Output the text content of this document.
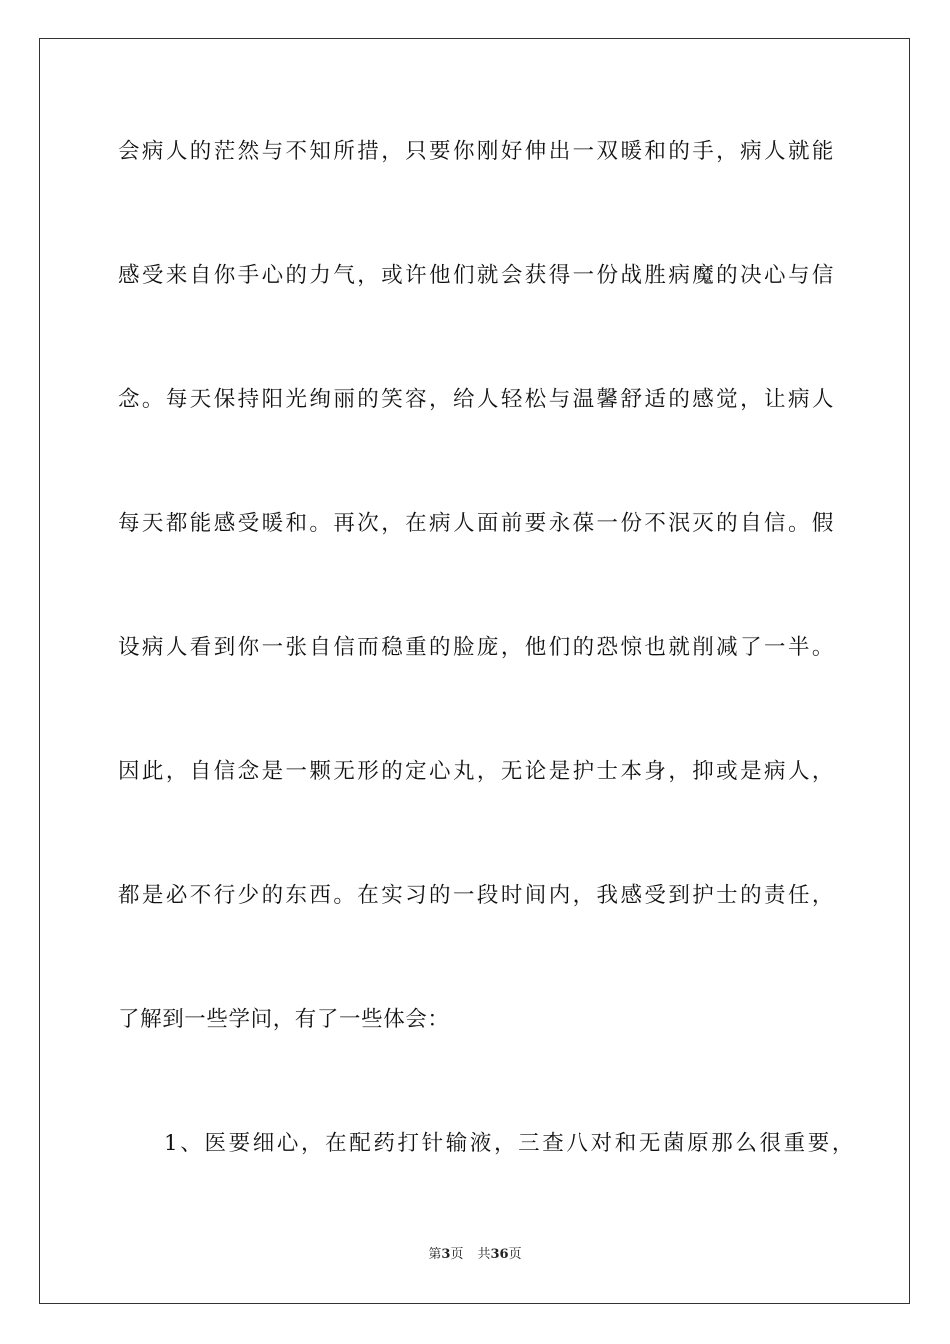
会病人的茫然与不知所措，只要你刚好伸出一双暖和的手，病人就能
感受来自你手心的力气，或许他们就会获得一份战胜病魔的决心与信
念。每天保持阳光绚丽的笑容，给人轻松与温馨舒适的感觉，让病人
每天都能感受暖和。再次，在病人面前要永葆一份不泯灭的自信。假
设病人看到你一张自信而稳重的脸庞，他们的恐惊也就削减了一半。
因此，自信念是一颗无形的定心丸，无论是护士本身，抑或是病人，
都是必不行少的东西。在实习的一段时间内，我感受到护士的责任，
了解到一些学问，有了一些体会：
1、医要细心，在配药打针输液，三查八对和无菌原那么很重要，
第3页 共36页
